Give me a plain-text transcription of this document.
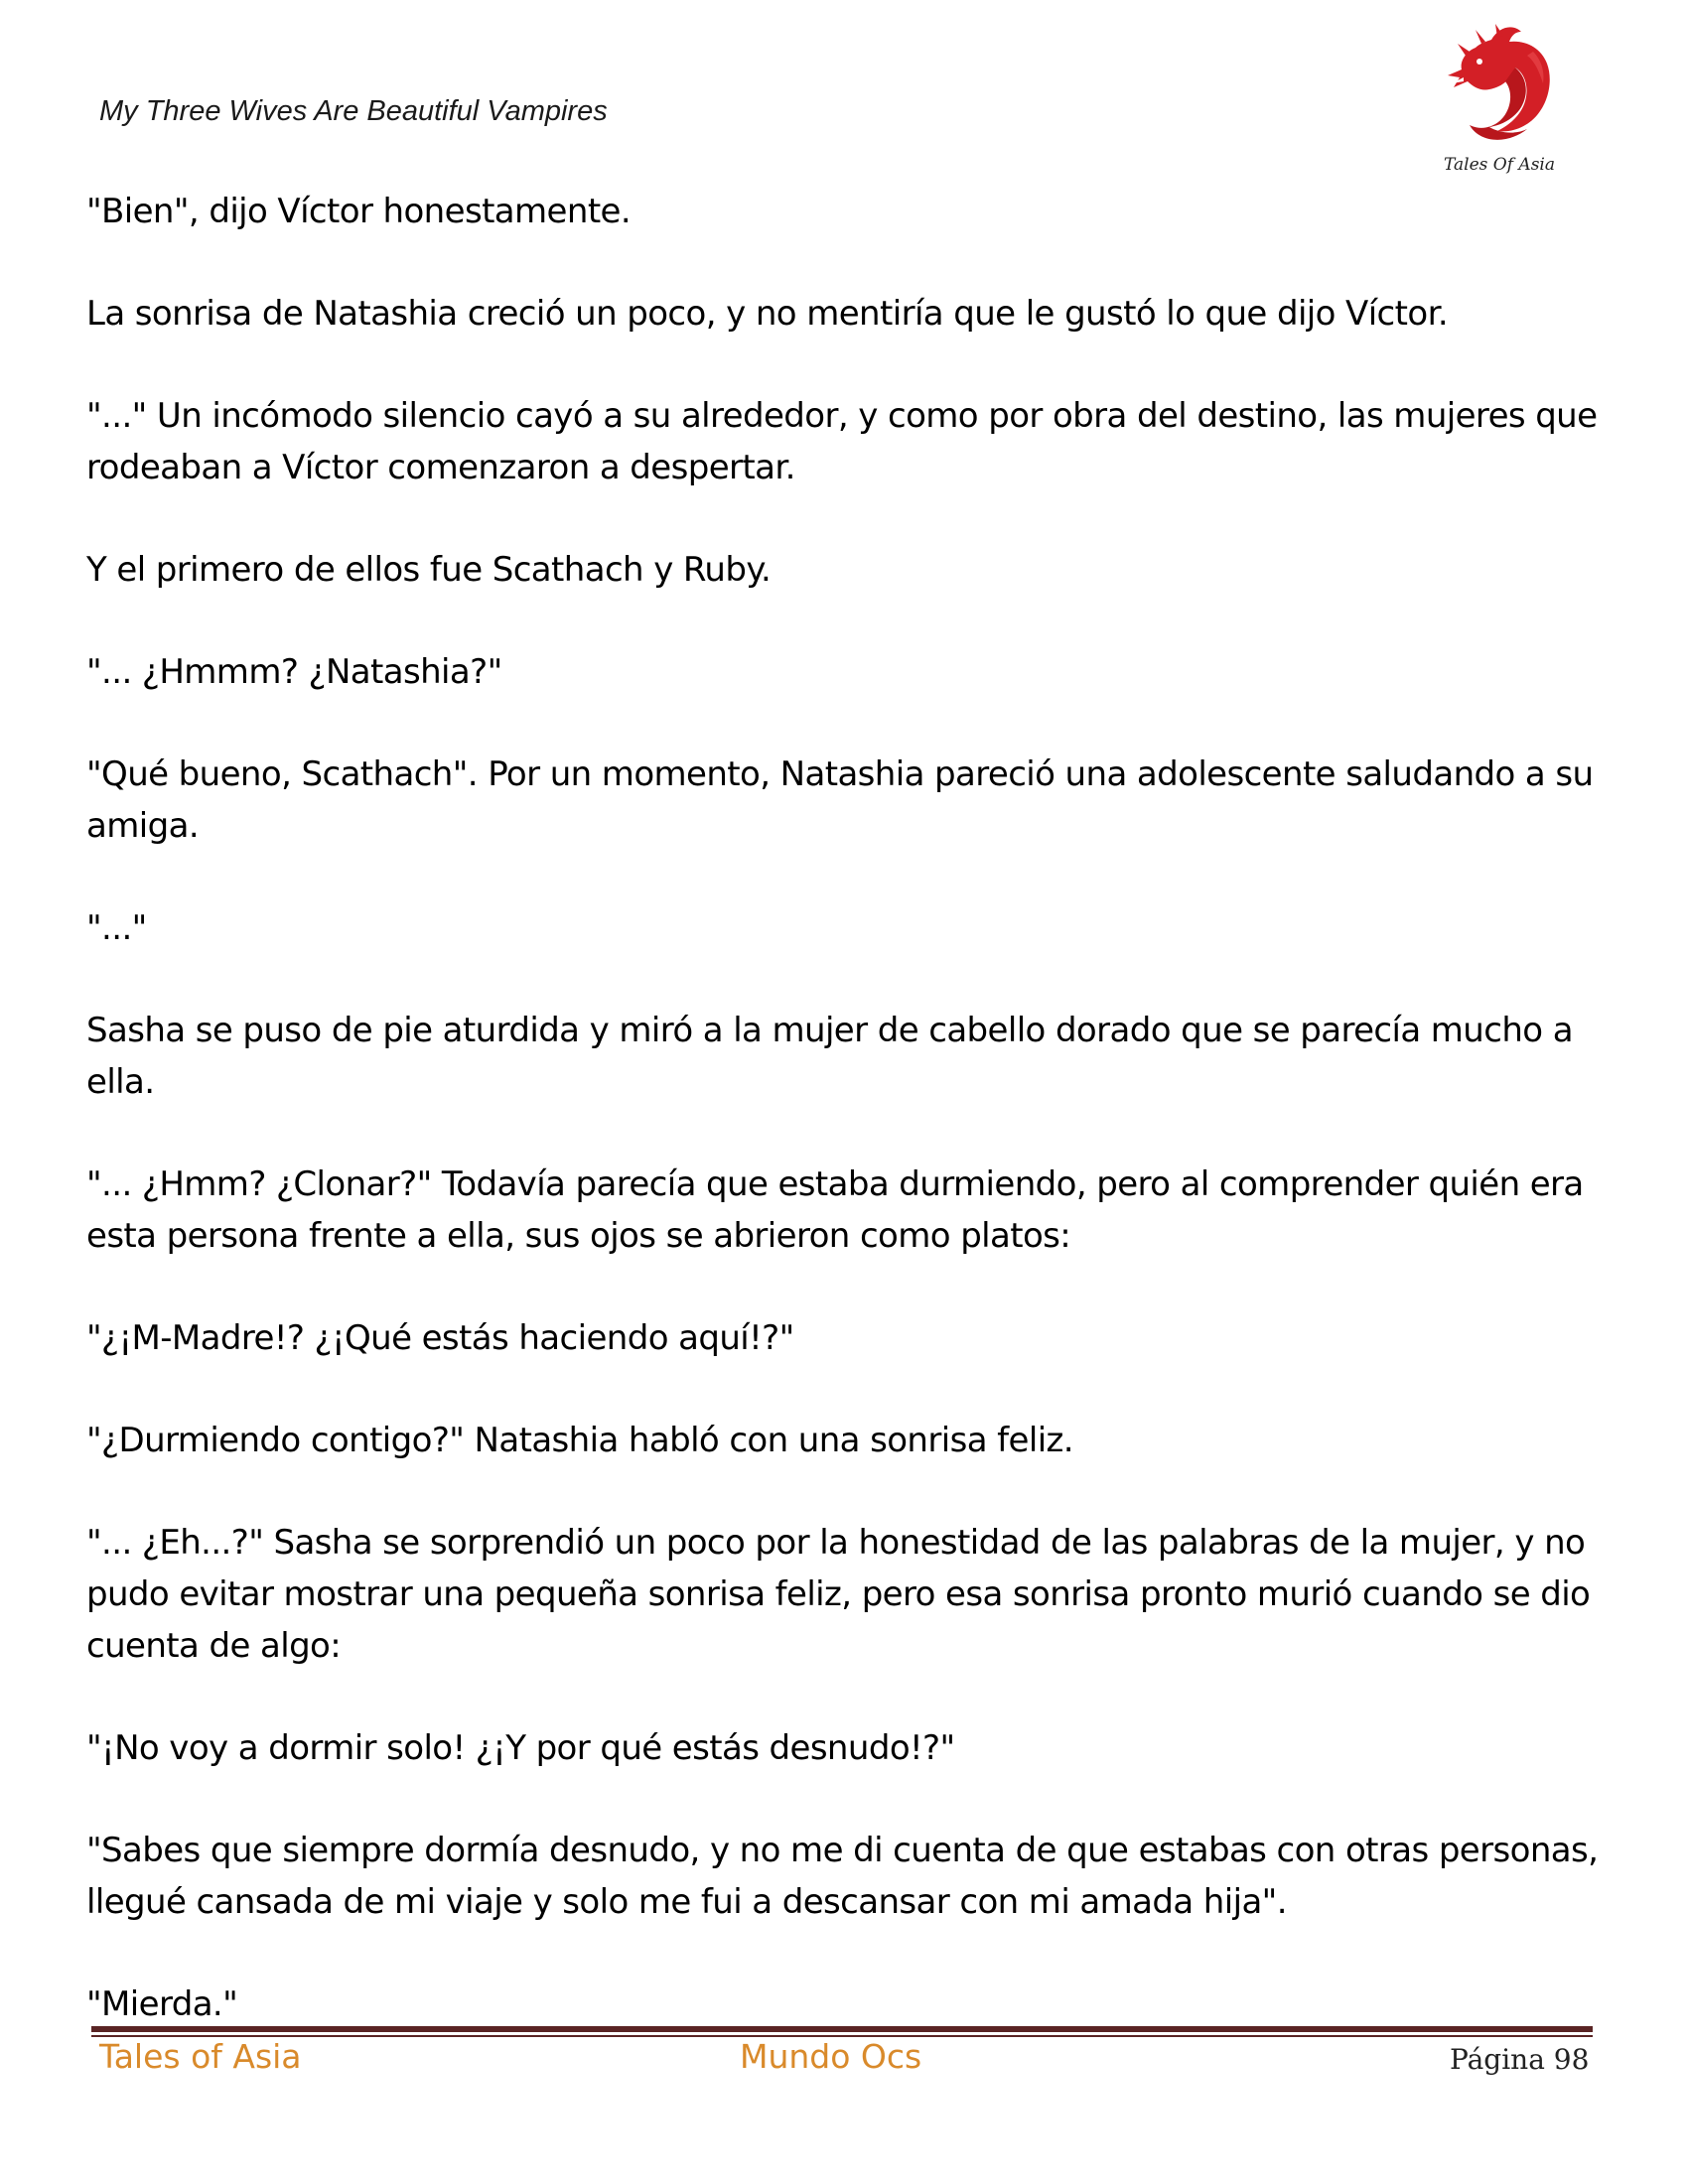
My Three Wives Are Beautiful Vampires
Tales Of Asia

"Bien", dijo Víctor honestamente.

La sonrisa de Natashia creció un poco, y no mentiría que le gustó lo que dijo Víctor.

"..." Un incómodo silencio cayó a su alrededor, y como por obra del destino, las mujeres que rodeaban a Víctor comenzaron a despertar.

Y el primero de ellos fue Scathach y Ruby.

"... ¿Hmmm? ¿Natashia?"

"Qué bueno, Scathach". Por un momento, Natashia pareció una adolescente saludando a su amiga.

"..."

Sasha se puso de pie aturdida y miró a la mujer de cabello dorado que se parecía mucho a ella.

"... ¿Hmm? ¿Clonar?" Todavía parecía que estaba durmiendo, pero al comprender quién era esta persona frente a ella, sus ojos se abrieron como platos:

"¿¡M-Madre!? ¿¡Qué estás haciendo aquí!?"

"¿Durmiendo contigo?" Natashia habló con una sonrisa feliz.

"... ¿Eh...?" Sasha se sorprendió un poco por la honestidad de las palabras de la mujer, y no pudo evitar mostrar una pequeña sonrisa feliz, pero esa sonrisa pronto murió cuando se dio cuenta de algo:

"¡No voy a dormir solo! ¿¡Y por qué estás desnudo!?"

"Sabes que siempre dormía desnudo, y no me di cuenta de que estabas con otras personas, llegué cansada de mi viaje y solo me fui a descansar con mi amada hija".

"Mierda."

Tales of Asia	Mundo Ocs	Página 98
